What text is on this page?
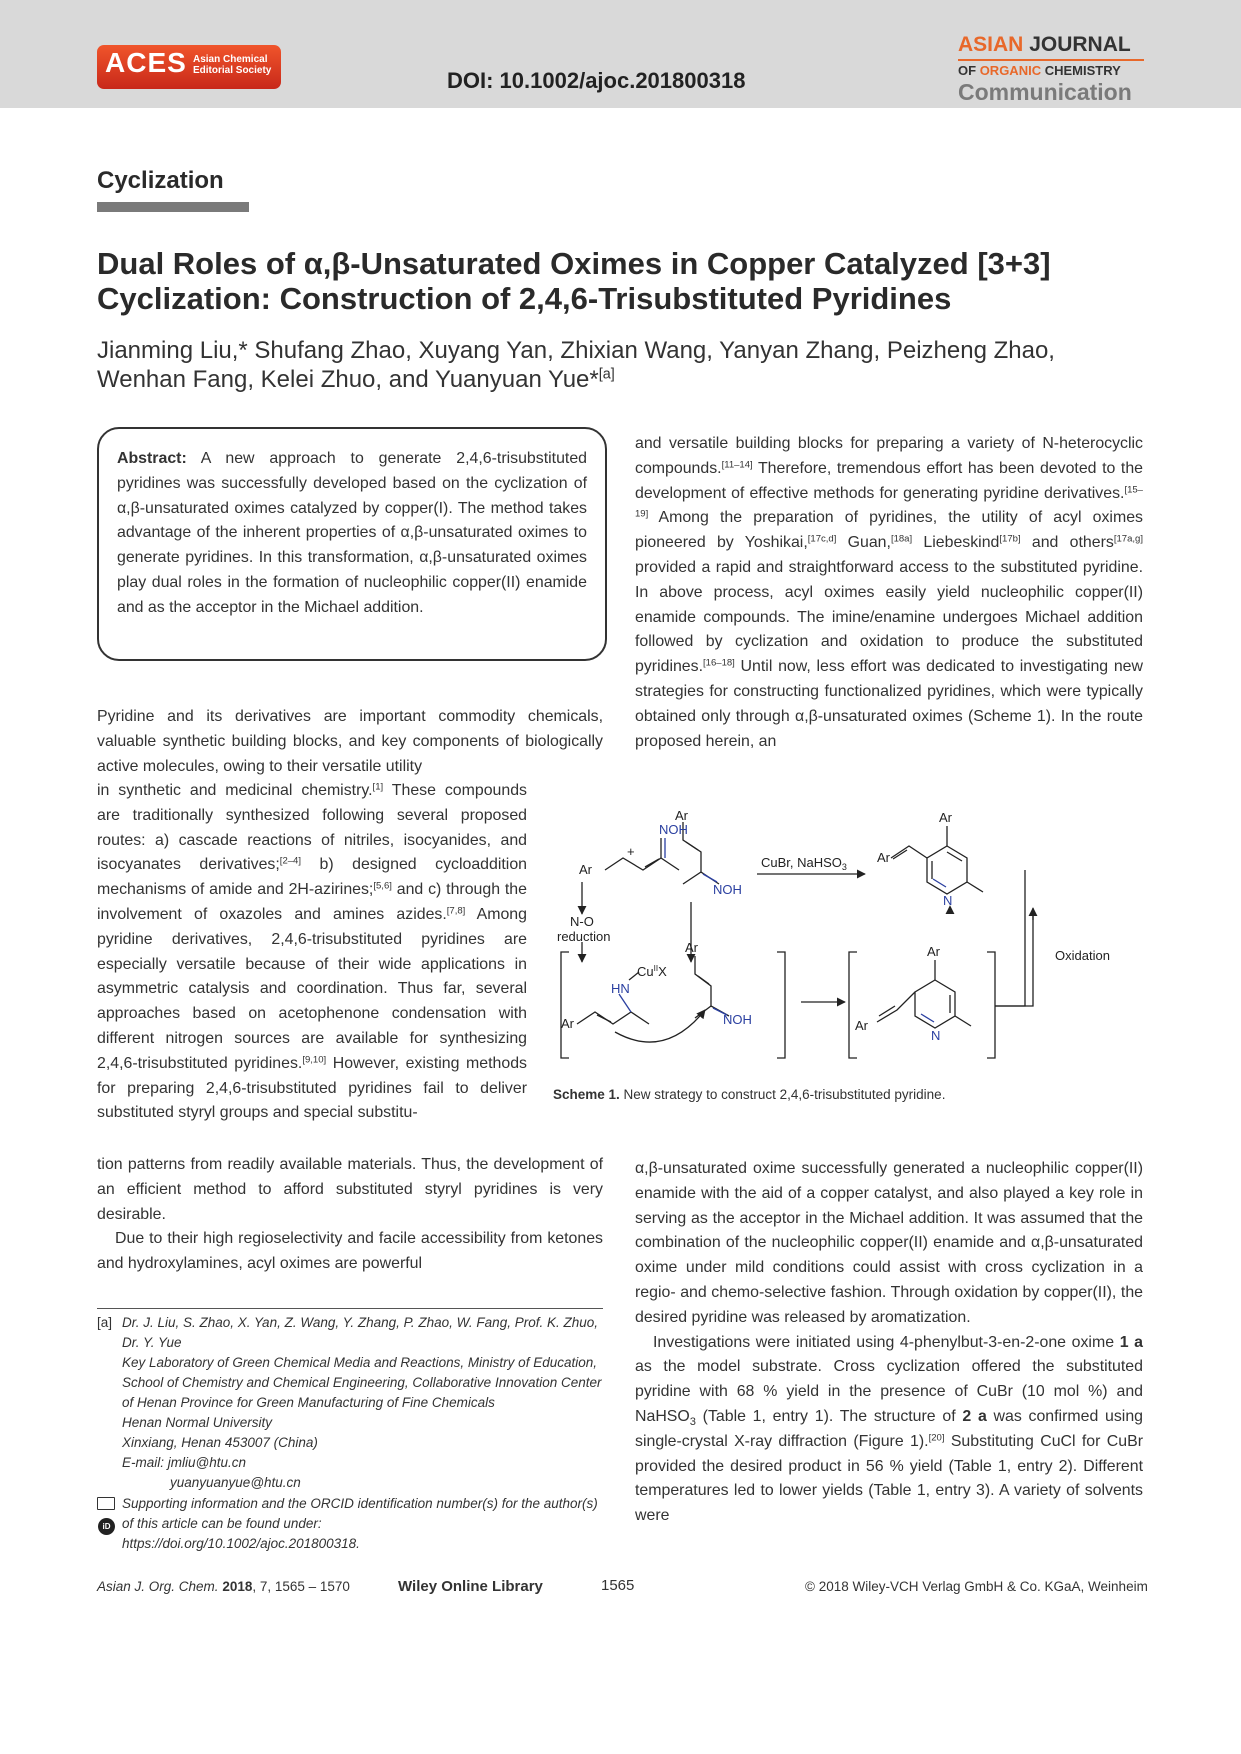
ACES Asian Chemical
Editorial Society	DOI: 10.1002/ajoc.201800318
ASIAN JOURNAL
OF ORGANIC CHEMISTRY
Communication
Cyclization
Dual Roles of α,β-Unsaturated Oximes in Copper Catalyzed [3+3]
Cyclization: Construction of 2,4,6-Trisubstituted Pyridines
Jianming Liu,* Shufang Zhao, Xuyang Yan, Zhixian Wang, Yanyan Zhang, Peizheng Zhao,
Wenhan Fang, Kelei Zhuo, and Yuanyuan Yue*[a]

Abstract: A new approach to generate 2,4,6-trisubstituted pyridines was successfully developed based on the cyclization of α,β-unsaturated oximes catalyzed by copper(I). The method takes advantage of the inherent properties of α,β-unsaturated oximes to generate pyridines. In this transformation, α,β-unsaturated oximes play dual roles in the formation of nucleophilic copper(II) enamide and as the acceptor in the Michael addition.

Pyridine and its derivatives are important commodity chemicals, valuable synthetic building blocks, and key components of biologically active molecules, owing to their versatile utility

in synthetic and medicinal chemistry.[1] These compounds are traditionally synthesized following several proposed routes: a) cascade reactions of nitriles, isocyanides, and isocyanates derivatives;[2–4] b) designed cycloaddition mechanisms of amide and 2H-azirines;[5,6] and c) through the involvement of oxazoles and amines azides.[7,8] Among pyridine derivatives, 2,4,6-trisubstituted pyridines are especially versatile because of their wide applications in asymmetric catalysis and coordination. Thus far, several approaches based on acetophenone condensation with different nitrogen sources are available for synthesizing 2,4,6-trisubstituted pyridines.[9,10] However, existing methods for preparing 2,4,6-trisubstituted pyridines fail to deliver substituted styryl groups and special substitu-

tion patterns from readily available materials. Thus, the development of an efficient method to afford substituted styryl pyridines is very desirable.

Due to their high regioselectivity and facile accessibility from ketones and hydroxylamines, acyl oximes are powerful

and versatile building blocks for preparing a variety of N-heterocyclic compounds.[11–14] Therefore, tremendous effort has been devoted to the development of effective methods for generating pyridine derivatives.[15–19] Among the preparation of pyridines, the utility of acyl oximes pioneered by Yoshikai,[17c,d] Guan,[18a] Liebeskind[17b] and others[17a,g] provided a rapid and straightforward access to the substituted pyridine. In above process, acyl oximes easily yield nucleophilic copper(II) enamide compounds. The imine/enamine undergoes Michael addition followed by cyclization and oxidation to produce the substituted pyridines.[16–18] Until now, less effort was dedicated to investigating new strategies for constructing functionalized pyridines, which were typically obtained only through α,β-unsaturated oximes (Scheme 1). In the route proposed herein, an

Ar
NOH
+
Ar
NOH
CuBr, NaHSO$_3$
Ar
Ar
N
N-O
reduction
HN
$Cu^{II}X$
Ar
Ar
NOH
Ar
Ar
N
Oxidation
Scheme 1. New strategy to construct 2,4,6-trisubstituted pyridine.

α,β-unsaturated oxime successfully generated a nucleophilic copper(II) enamide with the aid of a copper catalyst, and also played a key role in serving as the acceptor in the Michael addition. It was assumed that the combination of the nucleophilic copper(II) enamide and α,β-unsaturated oxime under mild conditions could assist with cross cyclization in a regio- and chemo-selective fashion. Through oxidation by copper(II), the desired pyridine was released by aromatization.

Investigations were initiated using 4-phenylbut-3-en-2-one oxime 1 a as the model substrate. Cross cyclization offered the substituted pyridine with 68 % yield in the presence of CuBr (10 mol %) and NaHSO$_3$ (Table 1, entry 1). The structure of 2 a was confirmed using single-crystal X-ray diffraction (Figure 1).[20] Substituting CuCl for CuBr provided the desired product in 56 % yield (Table 1, entry 2). Different temperatures led to lower yields (Table 1, entry 3). A variety of solvents were

[a] Dr. J. Liu, S. Zhao, X. Yan, Z. Wang, Y. Zhang, P. Zhao, W. Fang, Prof. K. Zhuo, Dr. Y. Yue
Key Laboratory of Green Chemical Media and Reactions, Ministry of Education, School of Chemistry and Chemical Engineering, Collaborative Innovation Center of Henan Province for Green Manufacturing of Fine Chemicals
Henan Normal University
Xinxiang, Henan 453007 (China)
E-mail: jmliu@htu.cn
yuanyuanyue@htu.cn
iD
Supporting information and the ORCID identification number(s) for the author(s) of this article can be found under:
https://doi.org/10.1002/ajoc.201800318.
Asian J. Org. Chem. 2018, 7, 1565 – 1570	Wiley Online Library	1565	© 2018 Wiley-VCH Verlag GmbH & Co. KGaA, Weinheim
